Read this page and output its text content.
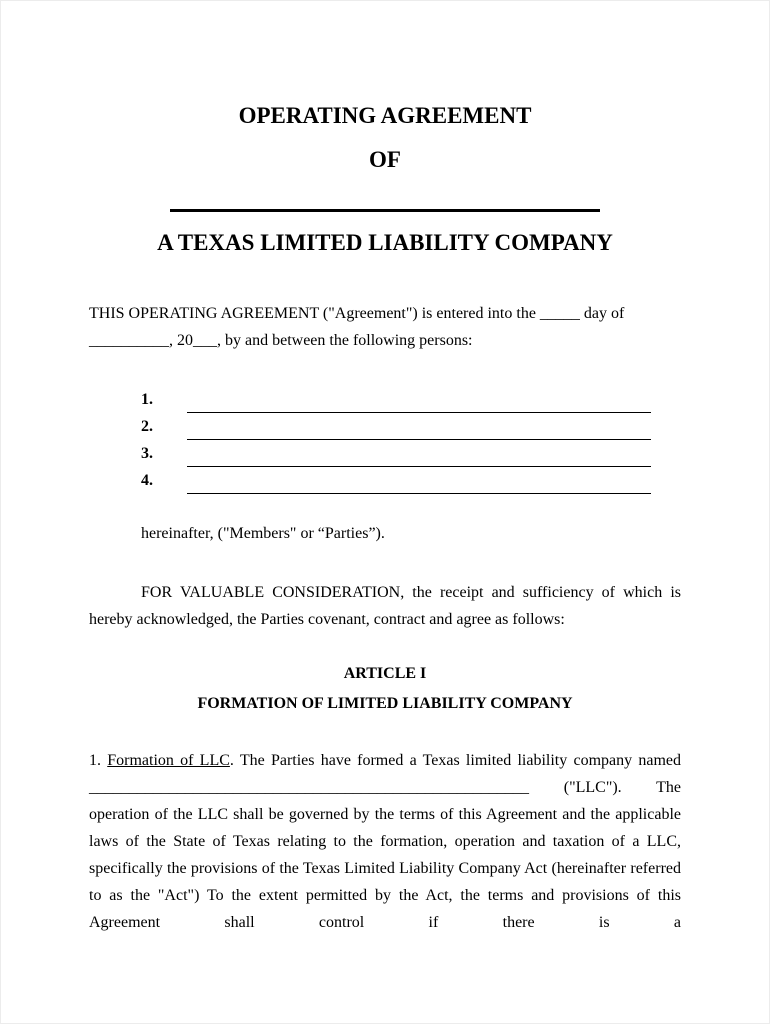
OPERATING AGREEMENT
OF
A TEXAS LIMITED LIABILITY COMPANY

THIS OPERATING AGREEMENT ("Agreement") is entered into the _____ day of __________, 20___, by and between the following persons:

1.
2.
3.
4.

hereinafter, ("Members" or “Parties”).

FOR VALUABLE CONSIDERATION, the receipt and sufficiency of which is hereby acknowledged, the Parties covenant, contract and agree as follows:

ARTICLE I
FORMATION OF LIMITED LIABILITY COMPANY

1. Formation of LLC. The Parties have formed a Texas limited liability company named _______________________________________________________ ("LLC"). The operation of the LLC shall be governed by the terms of this Agreement and the applicable laws of the State of Texas relating to the formation, operation and taxation of a LLC, specifically the provisions of the Texas Limited Liability Company Act (hereinafter referred to as the "Act") To the extent permitted by the Act, the terms and provisions of this Agreement shall control if there is a
